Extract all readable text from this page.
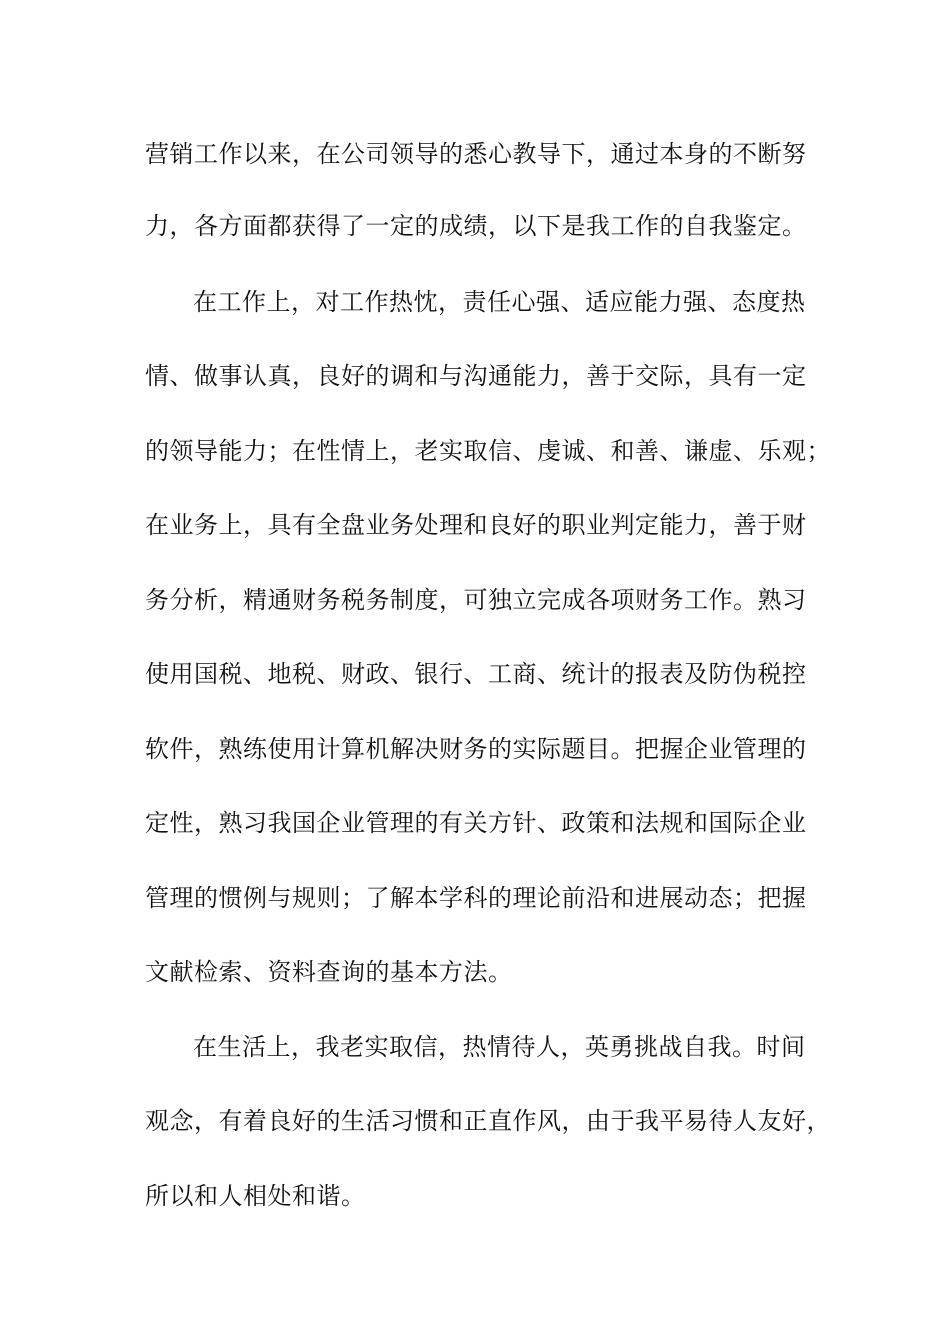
营销工作以来，在公司领导的悉心教导下，通过本身的不断努
力，各方面都获得了一定的成绩，以下是我工作的自我鉴定。
在工作上，对工作热忱，责任心强、适应能力强、态度热
情、做事认真，良好的调和与沟通能力，善于交际，具有一定
的领导能力；在性情上，老实取信、虔诚、和善、谦虚、乐观；
在业务上，具有全盘业务处理和良好的职业判定能力，善于财
务分析，精通财务税务制度，可独立完成各项财务工作。熟习
使用国税、地税、财政、银行、工商、统计的报表及防伪税控
软件，熟练使用计算机解决财务的实际题目。把握企业管理的
定性，熟习我国企业管理的有关方针、政策和法规和国际企业
管理的惯例与规则；了解本学科的理论前沿和进展动态；把握
文献检索、资料查询的基本方法。
在生活上，我老实取信，热情待人，英勇挑战自我。时间
观念，有着良好的生活习惯和正直作风，由于我平易待人友好，
所以和人相处和谐。
